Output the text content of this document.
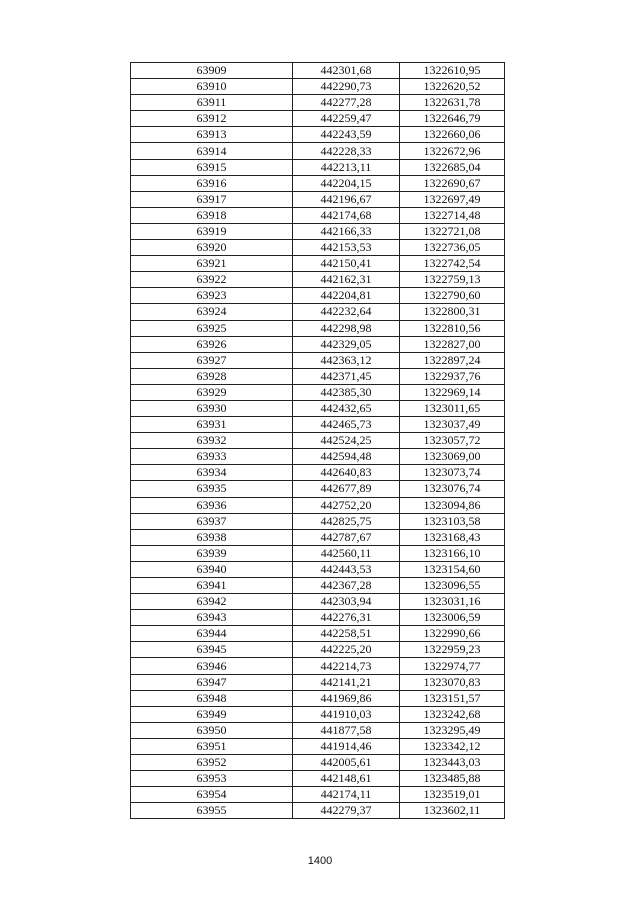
63909	442301,68	1322610,95
63910	442290,73	1322620,52
63911	442277,28	1322631,78
63912	442259,47	1322646,79
63913	442243,59	1322660,06
63914	442228,33	1322672,96
63915	442213,11	1322685,04
63916	442204,15	1322690,67
63917	442196,67	1322697,49
63918	442174,68	1322714,48
63919	442166,33	1322721,08
63920	442153,53	1322736,05
63921	442150,41	1322742,54
63922	442162,31	1322759,13
63923	442204,81	1322790,60
63924	442232,64	1322800,31
63925	442298,98	1322810,56
63926	442329,05	1322827,00
63927	442363,12	1322897,24
63928	442371,45	1322937,76
63929	442385,30	1322969,14
63930	442432,65	1323011,65
63931	442465,73	1323037,49
63932	442524,25	1323057,72
63933	442594,48	1323069,00
63934	442640,83	1323073,74
63935	442677,89	1323076,74
63936	442752,20	1323094,86
63937	442825,75	1323103,58
63938	442787,67	1323168,43
63939	442560,11	1323166,10
63940	442443,53	1323154,60
63941	442367,28	1323096,55
63942	442303,94	1323031,16
63943	442276,31	1323006,59
63944	442258,51	1322990,66
63945	442225,20	1322959,23
63946	442214,73	1322974,77
63947	442141,21	1323070,83
63948	441969,86	1323151,57
63949	441910,03	1323242,68
63950	441877,58	1323295,49
63951	441914,46	1323342,12
63952	442005,61	1323443,03
63953	442148,61	1323485,88
63954	442174,11	1323519,01
63955	442279,37	1323602,11
1400
